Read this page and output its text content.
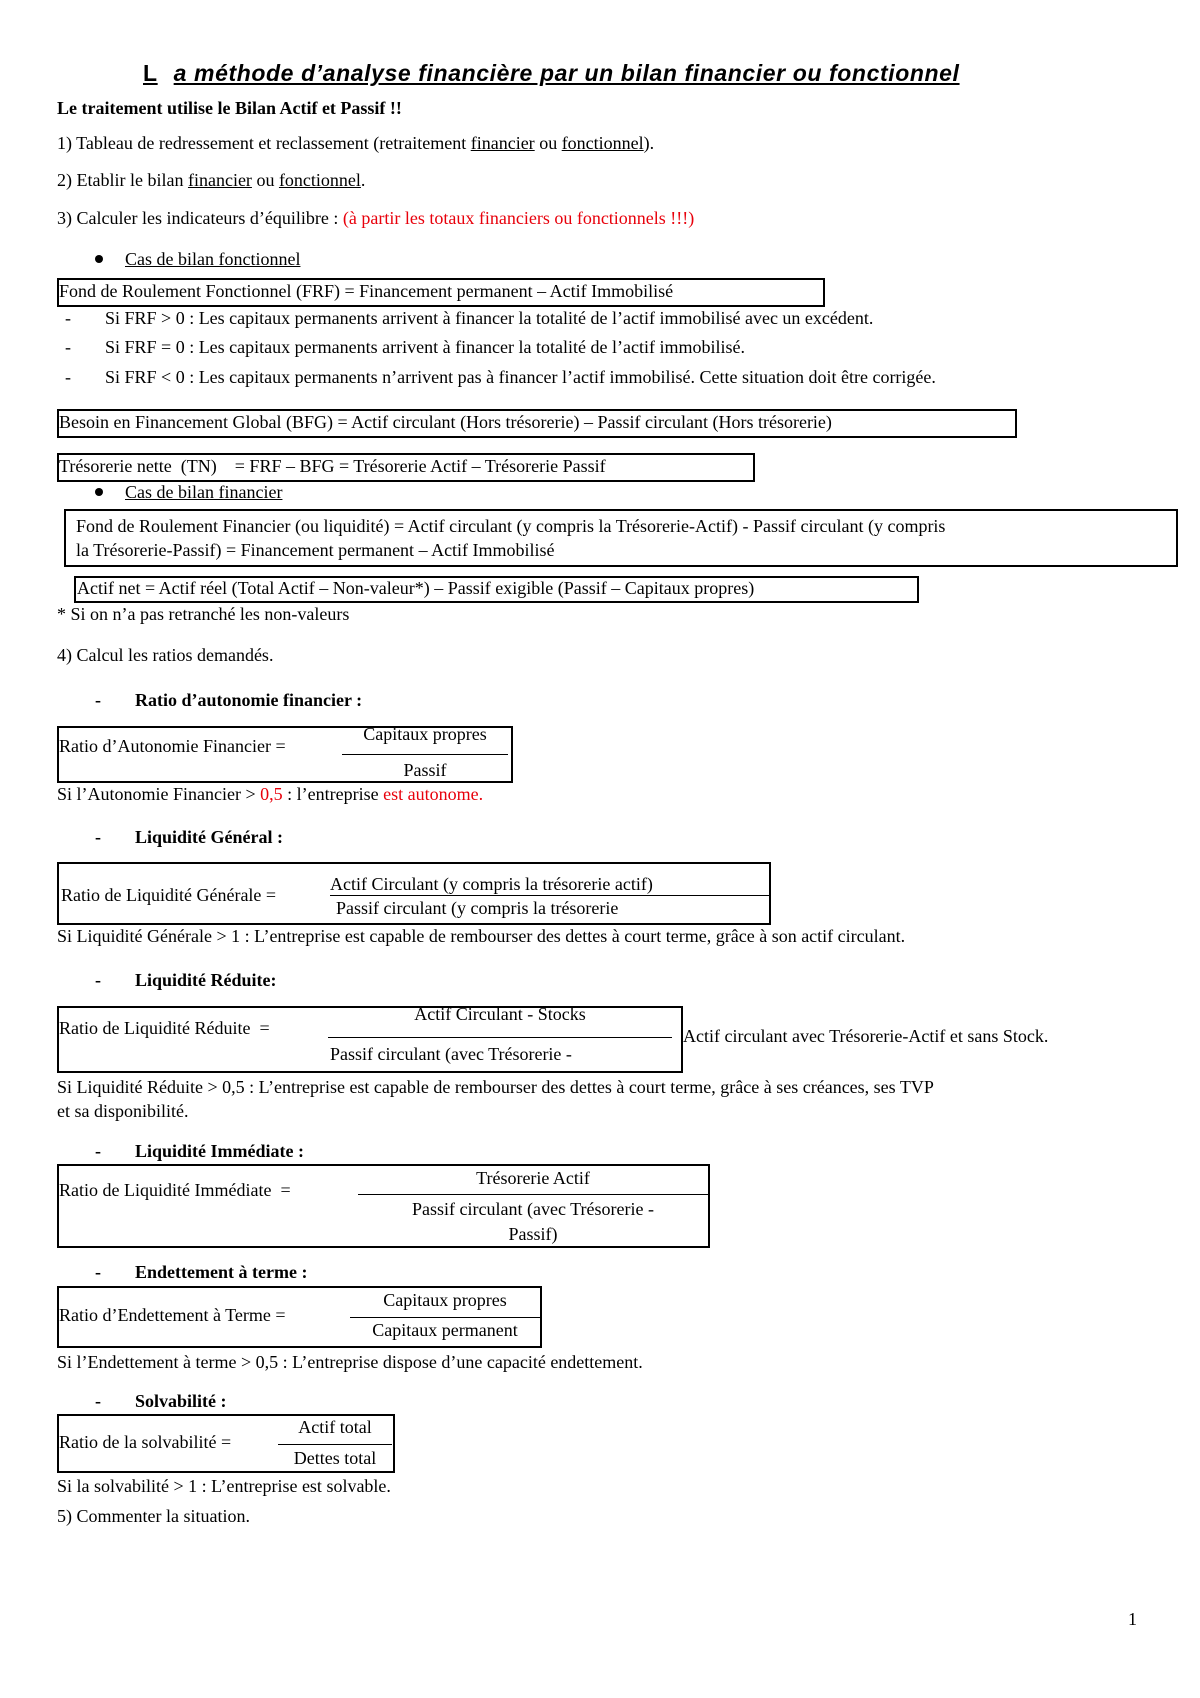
L a méthode d’analyse financière par un bilan financier ou fonctionnel
Le traitement utilise le Bilan Actif et Passif !!
1) Tableau de redressement et reclassement (retraitement financier ou fonctionnel).
2) Etablir le bilan financier ou fonctionnel.
3) Calculer les indicateurs d’équilibre : (à partir les totaux financiers ou fonctionnels !!!)
Cas de bilan fonctionnel
Fond de Roulement Fonctionnel (FRF) = Financement permanent – Actif Immobilisé
- Si FRF > 0 : Les capitaux permanents arrivent à financer la totalité de l’actif immobilisé avec un excédent.
- Si FRF = 0 : Les capitaux permanents arrivent à financer la totalité de l’actif immobilisé.
- Si FRF < 0 : Les capitaux permanents n’arrivent pas à financer l’actif immobilisé. Cette situation doit être corrigée.
Besoin en Financement Global (BFG) = Actif circulant (Hors trésorerie) – Passif circulant (Hors trésorerie)
Trésorerie nette  (TN)    = FRF – BFG = Trésorerie Actif – Trésorerie Passif
Cas de bilan financier
Fond de Roulement Financier (ou liquidité) = Actif circulant (y compris la Trésorerie-Actif) - Passif circulant (y compris
la Trésorerie-Passif) = Financement permanent – Actif Immobilisé
Actif net = Actif réel (Total Actif – Non-valeur*) – Passif exigible (Passif – Capitaux propres)
* Si on n’a pas retranché les non-valeurs
4) Calcul les ratios demandés.
- Ratio d’autonomie financier :
Ratio d’Autonomie Financier =
Capitaux propres
Passif
Si l’Autonomie Financier > 0,5 : l’entreprise est autonome.
- Liquidité Général :
Ratio de Liquidité Générale =
Actif Circulant (y compris la trésorerie actif)
Passif circulant (y compris la trésorerie
Si Liquidité Générale > 1 : L’entreprise est capable de rembourser des dettes à court terme, grâce à son actif circulant.
- Liquidité Réduite:
Ratio de Liquidité Réduite  =
Actif Circulant - Stocks
Passif circulant (avec Trésorerie -
Actif circulant avec Trésorerie-Actif et sans Stock.
Si Liquidité Réduite > 0,5 : L’entreprise est capable de rembourser des dettes à court terme, grâce à ses créances, ses TVP
et sa disponibilité.
- Liquidité Immédiate :
Ratio de Liquidité Immédiate  =
Trésorerie Actif
Passif circulant (avec Trésorerie -
Passif)
- Endettement à terme :
Ratio d’Endettement à Terme =
Capitaux propres
Capitaux permanent
Si l’Endettement à terme > 0,5 : L’entreprise dispose d’une capacité endettement.
- Solvabilité :
Ratio de la solvabilité =
Actif total
Dettes total
Si la solvabilité > 1 : L’entreprise est solvable.
5) Commenter la situation.
1
